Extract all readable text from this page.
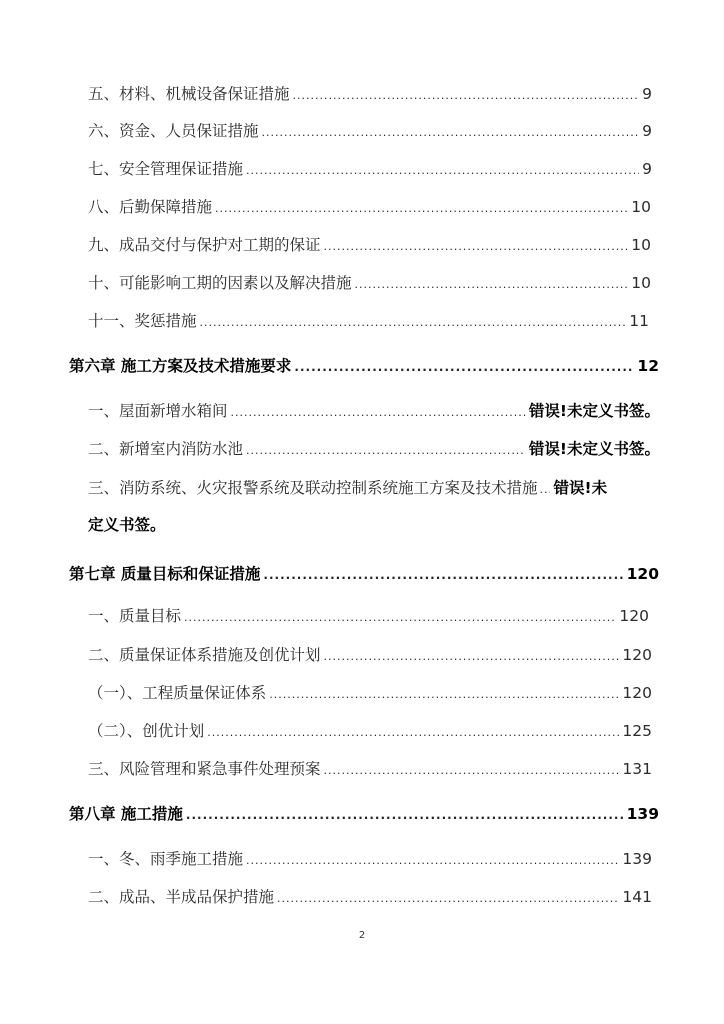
五、材料、机械设备保证措施 .....	9
六、资金、人员保证措施 .....	9
七、安全管理保证措施 .....	9
八、后勤保障措施 .....	10
九、成品交付与保护对工期的保证 .....	10
十、可能影响工期的因素以及解决措施 .....	10
十一、奖惩措施 .....	11
第六章 施工方案及技术措施要求 .....	12
一、屋面新增水箱间 .....	错误!未定义书签。
二、新增室内消防水池 .....	错误!未定义书签。
三、消防系统、火灾报警系统及联动控制系统施工方案及技术措施 ..... 错误!未
定义书签。
第七章 质量目标和保证措施 .....	120
一、质量目标 .....	120
二、质量保证体系措施及创优计划 .....	120
（一）、工程质量保证体系 .....	120
（二）、创优计划 .....	125
三、风险管理和紧急事件处理预案 .....	131
第八章 施工措施 .....	139
一、冬、雨季施工措施 .....	139
二、成品、半成品保护措施 .....	141
2
